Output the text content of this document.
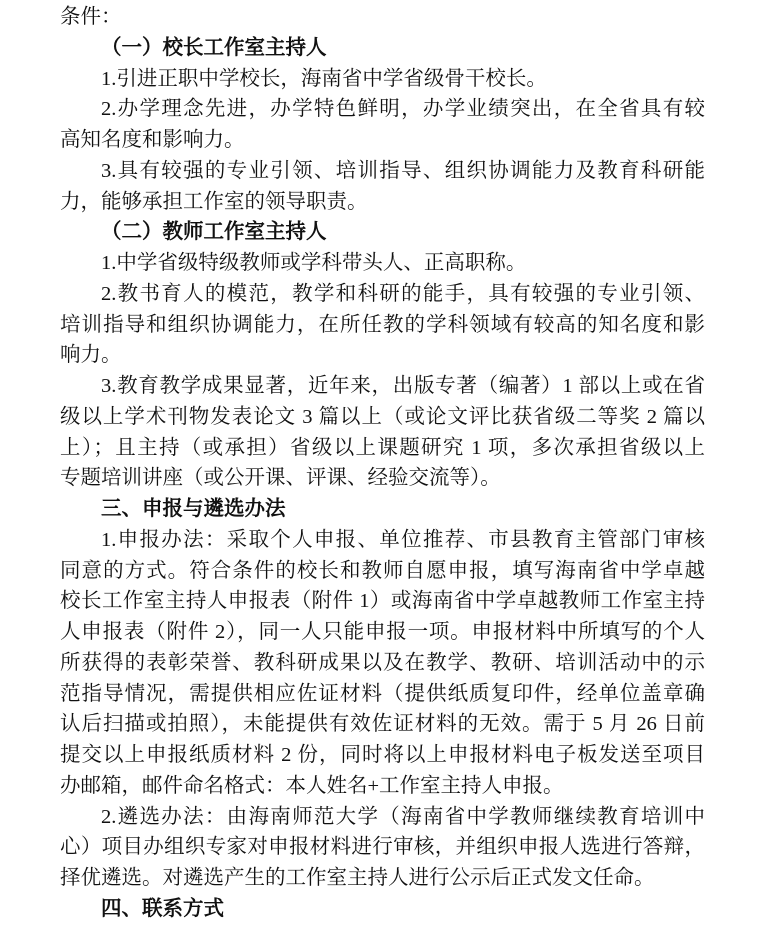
条件：
（一）校长工作室主持人
1.引进正职中学校长，海南省中学省级骨干校长。
2.办学理念先进，办学特色鲜明，办学业绩突出，在全省具有较
高知名度和影响力。
3.具有较强的专业引领、培训指导、组织协调能力及教育科研能
力，能够承担工作室的领导职责。
（二）教师工作室主持人
1.中学省级特级教师或学科带头人、正高职称。
2.教书育人的模范，教学和科研的能手，具有较强的专业引领、
培训指导和组织协调能力，在所任教的学科领域有较高的知名度和影
响力。
3.教育教学成果显著，近年来，出版专著（编著）1 部以上或在省
级以上学术刊物发表论文 3 篇以上（或论文评比获省级二等奖 2 篇以
上）；且主持（或承担）省级以上课题研究 1 项，多次承担省级以上
专题培训讲座（或公开课、评课、经验交流等）。
三、申报与遴选办法
1.申报办法：采取个人申报、单位推荐、市县教育主管部门审核
同意的方式。符合条件的校长和教师自愿申报，填写海南省中学卓越
校长工作室主持人申报表（附件 1）或海南省中学卓越教师工作室主持
人申报表（附件 2），同一人只能申报一项。申报材料中所填写的个人
所获得的表彰荣誉、教科研成果以及在教学、教研、培训活动中的示
范指导情况，需提供相应佐证材料（提供纸质复印件，经单位盖章确
认后扫描或拍照），未能提供有效佐证材料的无效。需于 5 月 26 日前
提交以上申报纸质材料 2 份，同时将以上申报材料电子板发送至项目
办邮箱，邮件命名格式：本人姓名+工作室主持人申报。
2.遴选办法：由海南师范大学（海南省中学教师继续教育培训中
心）项目办组织专家对申报材料进行审核，并组织申报人选进行答辩，
择优遴选。对遴选产生的工作室主持人进行公示后正式发文任命。
四、联系方式
